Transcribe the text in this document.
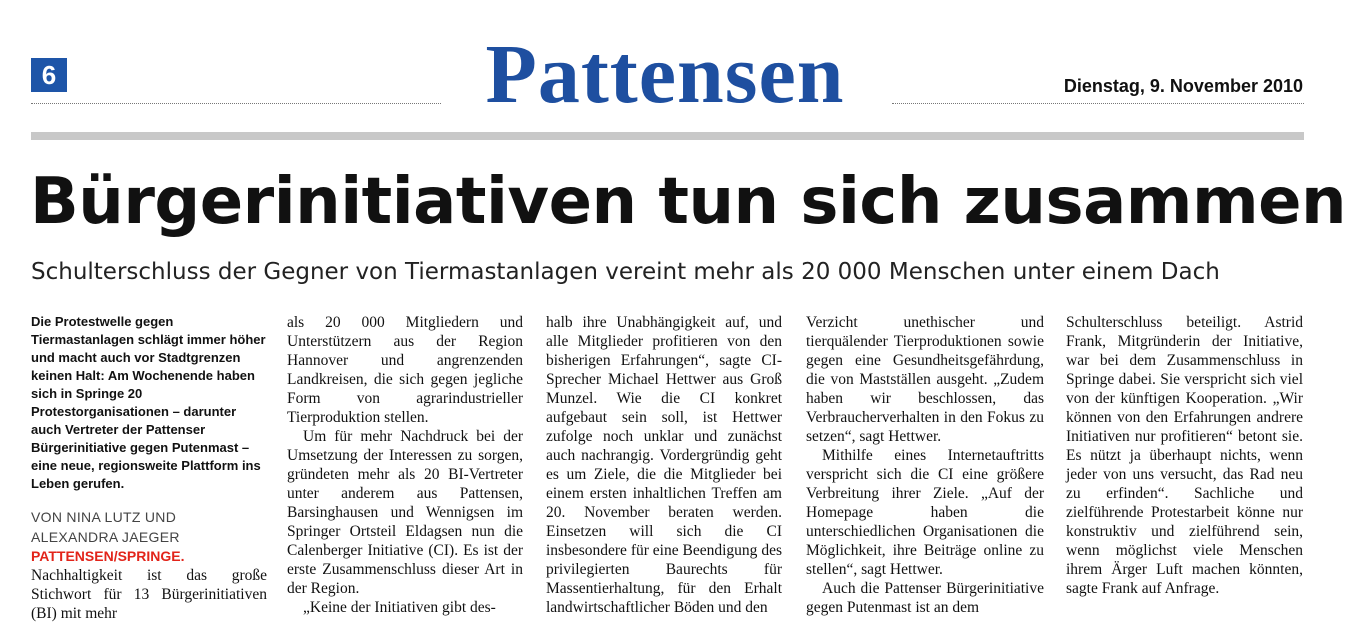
6	Pattensen	Dienstag, 9. November 2010
Bürgerinitiativen tun sich zusammen
Schulterschluss der Gegner von Tiermastanlagen vereint mehr als 20 000 Menschen unter einem Dach

Die Protestwelle gegen Tiermastanlagen schlägt immer höher und macht auch vor Stadtgrenzen keinen Halt: Am Wochenende haben sich in Springe 20 Protestorganisationen – darunter auch Vertreter der Pattenser Bürgerinitiative gegen Putenmast – eine neue, regionsweite Plattform ins Leben gerufen.

VON NINA LUTZ UND
ALEXANDRA JAEGER

PATTENSEN/SPRINGE. Nachhaltigkeit ist das große Stichwort für 13 Bürgerinitiativen (BI) mit mehr

als 20 000 Mitgliedern und Unterstützern aus der Region Hannover und angrenzenden Landkreisen, die sich gegen jegliche Form von agrarindustrieller Tierproduktion stellen.

Um für mehr Nachdruck bei der Umsetzung der Interessen zu sorgen, gründeten mehr als 20 BI-Vertreter unter anderem aus Pattensen, Barsinghausen und Wennigsen im Springer Ortsteil Eldagsen nun die Calenberger Initiative (CI). Es ist der erste Zusammenschluss dieser Art in der Region.

„Keine der Initiativen gibt des-

halb ihre Unabhängigkeit auf, und alle Mitglieder profitieren von den bisherigen Erfahrungen“, sagte CI-Sprecher Michael Hettwer aus Groß Munzel. Wie die CI konkret aufgebaut sein soll, ist Hettwer zufolge noch unklar und zunächst auch nachrangig. Vordergründig geht es um Ziele, die die Mitglieder bei einem ersten inhaltlichen Treffen am 20. November beraten werden. Einsetzen will sich die CI insbesondere für eine Beendigung des privilegierten Baurechts für Massentierhaltung, für den Erhalt landwirtschaftlicher Böden und den

Verzicht unethischer und tierquälender Tierproduktionen sowie gegen eine Gesundheitsgefährdung, die von Mastställen ausgeht. „Zudem haben wir beschlossen, das Verbraucherverhalten in den Fokus zu setzen“, sagt Hettwer.

Mithilfe eines Internetauftritts verspricht sich die CI eine größere Verbreitung ihrer Ziele. „Auf der Homepage haben die unterschiedlichen Organisationen die Möglichkeit, ihre Beiträge online zu stellen“, sagt Hettwer.

Auch die Pattenser Bürgerinitiative gegen Putenmast ist an dem

Schulterschluss beteiligt. Astrid Frank, Mitgründerin der Initiative, war bei dem Zusammenschluss in Springe dabei. Sie verspricht sich viel von der künftigen Kooperation. „Wir können von den Erfahrungen andrere Initiativen nur profitieren“ betont sie. Es nützt ja überhaupt nichts, wenn jeder von uns versucht, das Rad neu zu erfinden“. Sachliche und zielführende Protestarbeit könne nur konstruktiv und zielführend sein, wenn möglichst viele Menschen ihrem Ärger Luft machen könnten, sagte Frank auf Anfrage.
